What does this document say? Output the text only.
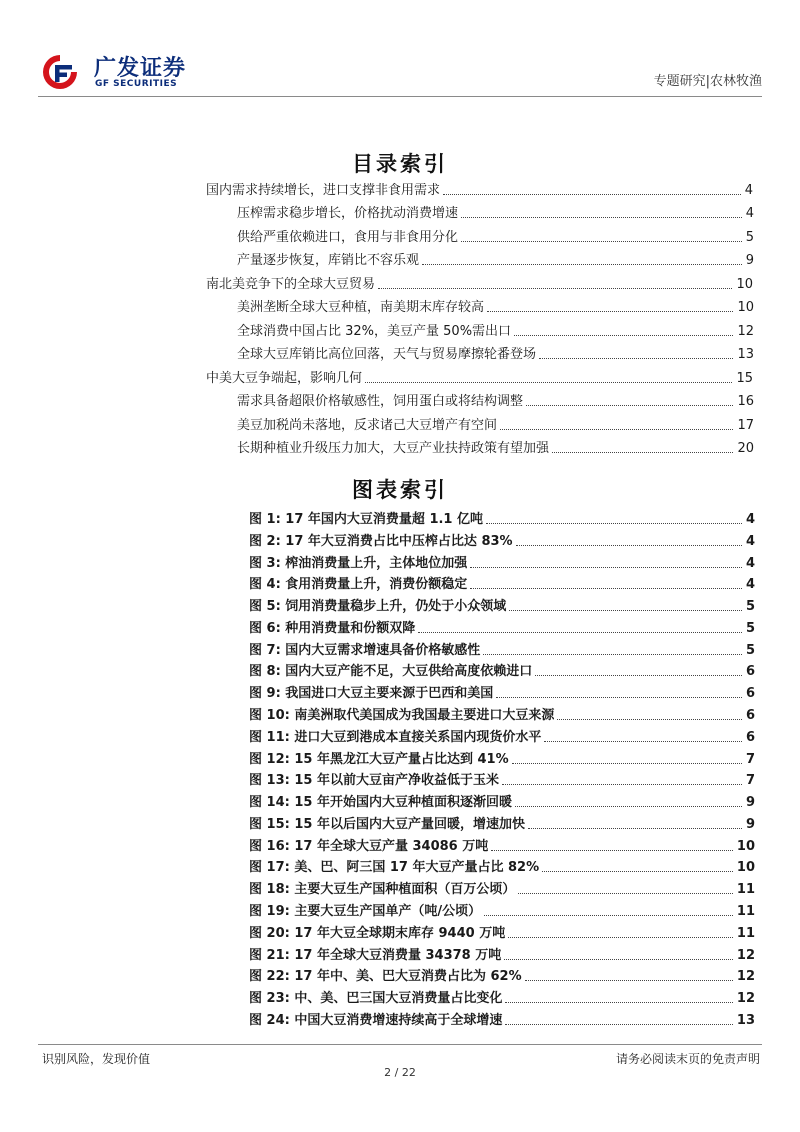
广发证券
GF SECURITIES	专题研究|农林牧渔
目录索引
国内需求持续增长，进口支撑非食用需求	4
压榨需求稳步增长，价格扰动消费增速	4
供给严重依赖进口，食用与非食用分化	5
产量逐步恢复，库销比不容乐观	9
南北美竞争下的全球大豆贸易	10
美洲垄断全球大豆种植，南美期末库存较高	10
全球消费中国占比 32%，美豆产量 50%需出口	12
全球大豆库销比高位回落，天气与贸易摩擦轮番登场	13
中美大豆争端起，影响几何	15
需求具备超限价格敏感性，饲用蛋白或将结构调整	16
美豆加税尚未落地，反求诸己大豆增产有空间	17
长期种植业升级压力加大，大豆产业扶持政策有望加强	20
图表索引
图 1: 17 年国内大豆消费量超 1.1 亿吨	4
图 2: 17 年大豆消费占比中压榨占比达 83%	4
图 3: 榨油消费量上升，主体地位加强	4
图 4: 食用消费量上升，消费份额稳定	4
图 5: 饲用消费量稳步上升，仍处于小众领域	5
图 6: 种用消费量和份额双降	5
图 7: 国内大豆需求增速具备价格敏感性	5
图 8: 国内大豆产能不足，大豆供给高度依赖进口	6
图 9: 我国进口大豆主要来源于巴西和美国	6
图 10: 南美洲取代美国成为我国最主要进口大豆来源	6
图 11: 进口大豆到港成本直接关系国内现货价水平	6
图 12: 15 年黑龙江大豆产量占比达到 41%	7
图 13: 15 年以前大豆亩产净收益低于玉米	7
图 14: 15 年开始国内大豆种植面积逐渐回暖	9
图 15: 15 年以后国内大豆产量回暖，增速加快	9
图 16: 17 年全球大豆产量 34086 万吨	10
图 17: 美、巴、阿三国 17 年大豆产量占比 82%	10
图 18: 主要大豆生产国种植面积（百万公顷）	11
图 19: 主要大豆生产国单产（吨/公顷）	11
图 20: 17 年大豆全球期末库存 9440 万吨	11
图 21: 17 年全球大豆消费量 34378 万吨	12
图 22: 17 年中、美、巴大豆消费占比为 62%	12
图 23: 中、美、巴三国大豆消费量占比变化	12
图 24: 中国大豆消费增速持续高于全球增速	13
识别风险，发现价值	请务必阅读末页的免责声明
2 / 22
